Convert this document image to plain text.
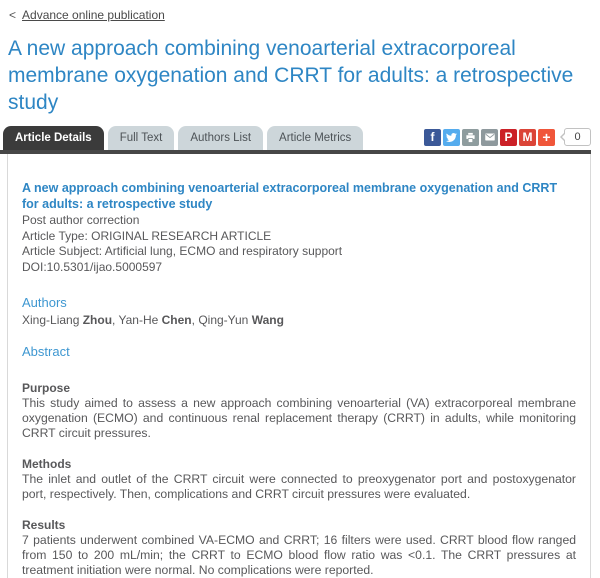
< Advance online publication
A new approach combining venoarterial extracorporeal membrane oxygenation and CRRT for adults: a retrospective study
Article Details	Full Text	Authors List	Article Metrics	f	P M + 0
A new approach combining venoarterial extracorporeal membrane oxygenation and CRRT for adults: a retrospective study
Post author correction
Article Type: ORIGINAL RESEARCH ARTICLE
Article Subject: Artificial lung, ECMO and respiratory support
DOI:10.5301/ijao.5000597
Authors
Xing-Liang Zhou, Yan-He Chen, Qing-Yun Wang
Abstract
Purpose

This study aimed to assess a new approach combining venoarterial (VA) extracorporeal membrane oxygenation (ECMO) and continuous renal replacement therapy (CRRT) in adults, while monitoring CRRT circuit pressures.

Methods

The inlet and outlet of the CRRT circuit were connected to preoxygenator port and postoxygenator port, respectively. Then, complications and CRRT circuit pressures were evaluated.

Results

7 patients underwent combined VA-ECMO and CRRT; 16 filters were used. CRRT blood flow ranged from 150 to 200 mL/min; the CRRT to ECMO blood flow ratio was <0.1. The CRRT pressures at treatment initiation were normal. No complications were reported.
